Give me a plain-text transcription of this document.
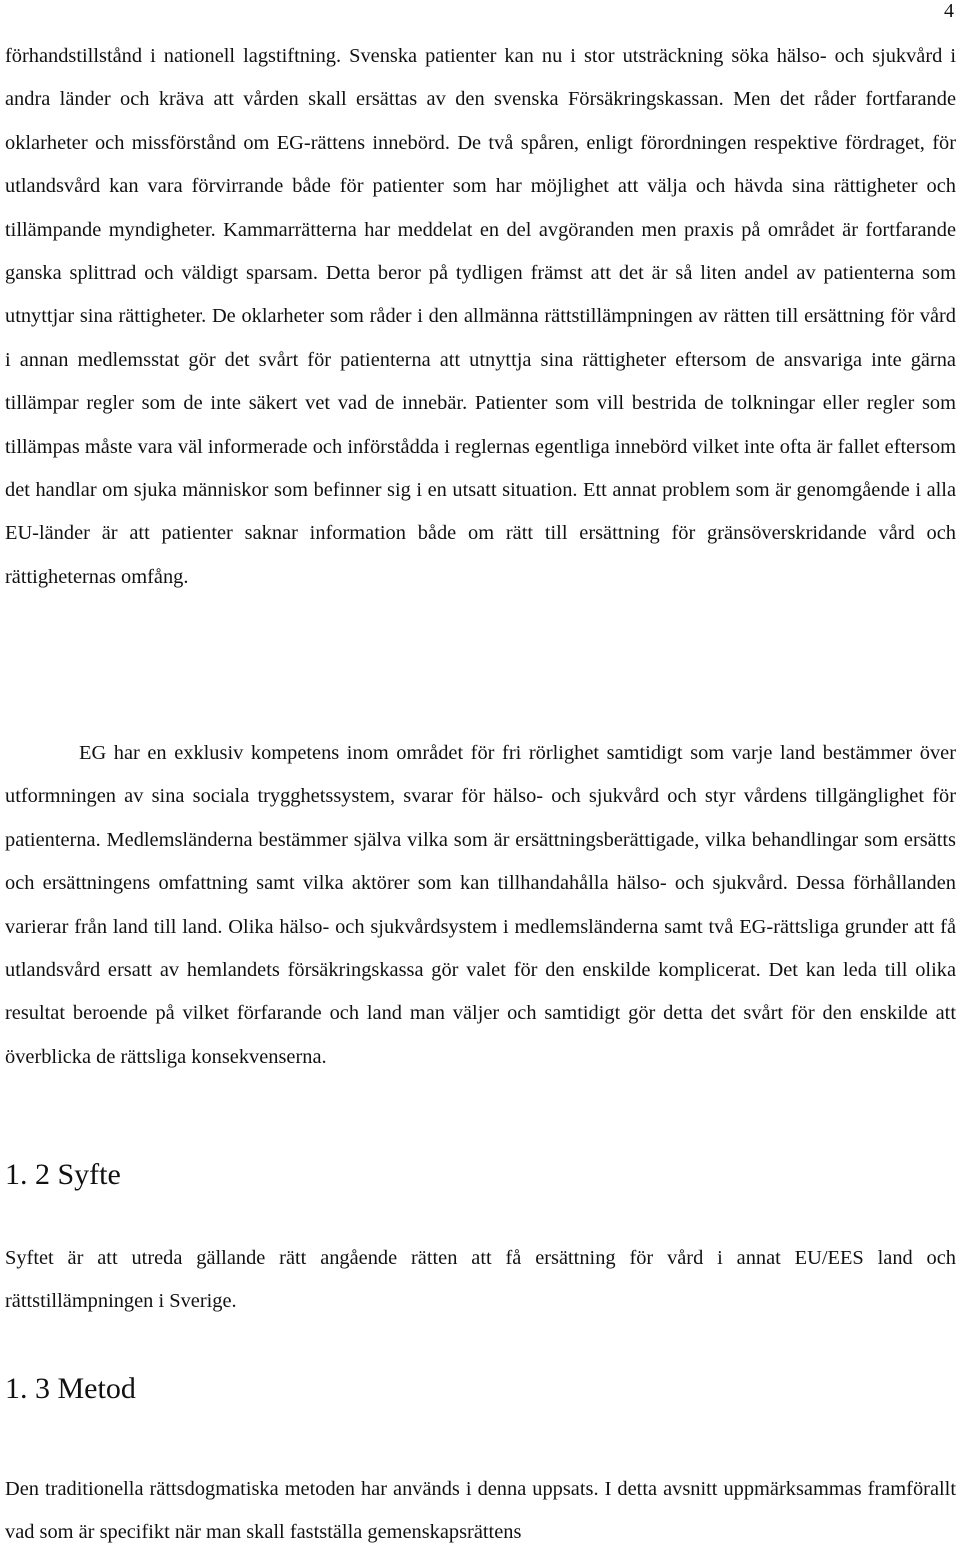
4

förhandstillstånd i nationell lagstiftning. Svenska patienter kan nu i stor utsträckning söka hälso- och sjukvård i andra länder och kräva att vården skall ersättas av den svenska Försäkringskassan. Men det råder fortfarande oklarheter och missförstånd om EG-rättens innebörd. De två spåren, enligt förordningen respektive fördraget, för utlandsvård kan vara förvirrande både för patienter som har möjlighet att välja och hävda sina rättigheter och tillämpande myndigheter. Kammarrätterna har meddelat en del avgöranden men praxis på området är fortfarande ganska splittrad och väldigt sparsam. Detta beror på tydligen främst att det är så liten andel av patienterna som utnyttjar sina rättigheter. De oklarheter som råder i den allmänna rättstillämpningen av rätten till ersättning för vård i annan medlemsstat gör det svårt för patienterna att utnyttja sina rättigheter eftersom de ansvariga inte gärna tillämpar regler som de inte säkert vet vad de innebär. Patienter som vill bestrida de tolkningar eller regler som tillämpas måste vara väl informerade och införstådda i reglernas egentliga innebörd vilket inte ofta är fallet eftersom det handlar om sjuka människor som befinner sig i en utsatt situation. Ett annat problem som är genomgående i alla EU-länder är att patienter saknar information både om rätt till ersättning för gränsöverskridande vård och rättigheternas omfång.

EG har en exklusiv kompetens inom området för fri rörlighet samtidigt som varje land bestämmer över utformningen av sina sociala trygghetssystem, svarar för hälso- och sjukvård och styr vårdens tillgänglighet för patienterna. Medlemsländerna bestämmer själva vilka som är ersättningsberättigade, vilka behandlingar som ersätts och ersättningens omfattning samt vilka aktörer som kan tillhandahålla hälso- och sjukvård. Dessa förhållanden varierar från land till land. Olika hälso- och sjukvårdsystem i medlemsländerna samt två EG-rättsliga grunder att få utlandsvård ersatt av hemlandets försäkringskassa gör valet för den enskilde komplicerat. Det kan leda till olika resultat beroende på vilket förfarande och land man väljer och samtidigt gör detta det svårt för den enskilde att överblicka de rättsliga konsekvenserna.

1. 2 Syfte

Syftet är att utreda gällande rätt angående rätten att få ersättning för vård i annat EU/EES land och rättstillämpningen i Sverige.

1. 3 Metod

Den traditionella rättsdogmatiska metoden har används i denna uppsats. I detta avsnitt uppmärksammas framförallt vad som är specifikt när man skall fastställa gemenskapsrättens
